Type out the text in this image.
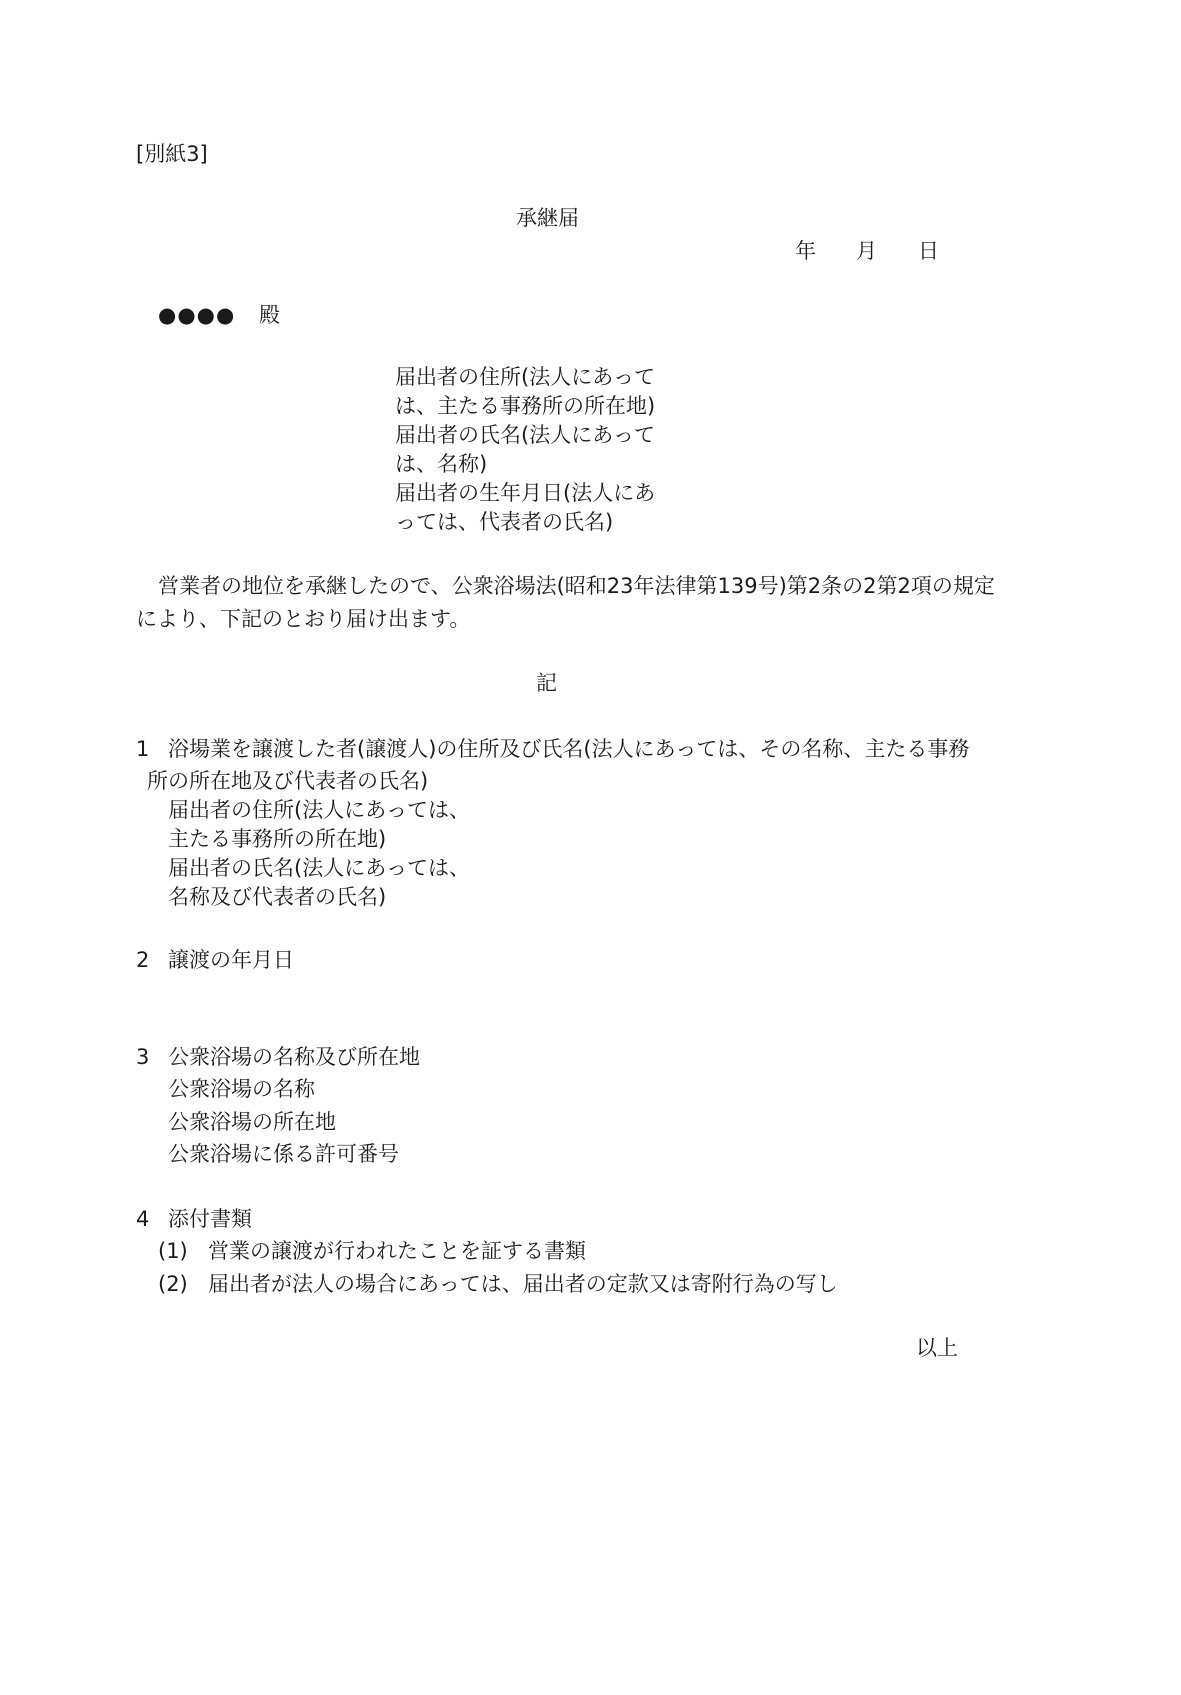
[別紙3]
承継届
年 月 日
●●●● 殿
届出者の住所(法人にあって
は、主たる事務所の所在地)
届出者の氏名(法人にあって
は、名称)
届出者の生年月日(法人にあ
っては、代表者の氏名)
営業者の地位を承継したので、公衆浴場法(昭和23年法律第139号)第2条の2第2項の規定
により、下記のとおり届け出ます。
記
1 浴場業を譲渡した者(譲渡人)の住所及び氏名(法人にあっては、その名称、主たる事務
所の所在地及び代表者の氏名)
届出者の住所(法人にあっては、
主たる事務所の所在地)
届出者の氏名(法人にあっては、
名称及び代表者の氏名)
2 譲渡の年月日
3 公衆浴場の名称及び所在地
公衆浴場の名称
公衆浴場の所在地
公衆浴場に係る許可番号
4 添付書類
(1) 営業の譲渡が行われたことを証する書類
(2) 届出者が法人の場合にあっては、届出者の定款又は寄附行為の写し
以上
